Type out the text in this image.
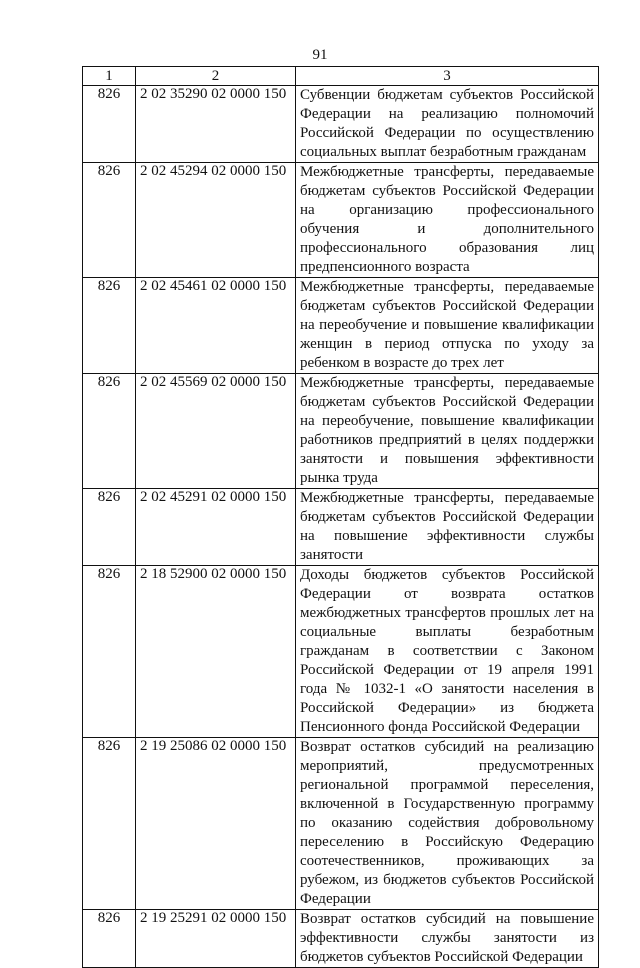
91
1	2	3
826	2 02 35290 02 0000 150	Субвенции бюджетам субъектов Российской Федерации на реализацию полномочий Российской Федерации по осуществлению социальных выплат безработным гражданам
826	2 02 45294 02 0000 150	Межбюджетные трансферты, передаваемые бюджетам субъектов Российской Федерации на организацию профессионального обучения и дополнительного профессионального образования лиц предпенсионного возраста
826	2 02 45461 02 0000 150	Межбюджетные трансферты, передаваемые бюджетам субъектов Российской Федерации на переобучение и повышение квалификации женщин в период отпуска по уходу за ребенком в возрасте до трех лет
826	2 02 45569 02 0000 150	Межбюджетные трансферты, передаваемые бюджетам субъектов Российской Федерации на переобучение, повышение квалификации работников предприятий в целях поддержки занятости и повышения эффективности рынка труда
826	2 02 45291 02 0000 150	Межбюджетные трансферты, передаваемые бюджетам субъектов Российской Федерации на повышение эффективности службы занятости
826	2 18 52900 02 0000 150	Доходы бюджетов субъектов Российской Федерации от возврата остатков межбюджетных трансфертов прошлых лет на социальные выплаты безработным гражданам в соответствии с Законом Российской Федерации от 19 апреля 1991 года № 1032-1 «О занятости населения в Российской Федерации» из бюджета Пенсионного фонда Российской Федерации
826	2 19 25086 02 0000 150	Возврат остатков субсидий на реализацию мероприятий, предусмотренных региональной программой переселения, включенной в Государственную программу по оказанию содействия добровольному переселению в Российскую Федерацию соотечественников, проживающих за рубежом, из бюджетов субъектов Российской Федерации
826	2 19 25291 02 0000 150	Возврат остатков субсидий на повышение эффективности службы занятости из бюджетов субъектов Российской Федерации
